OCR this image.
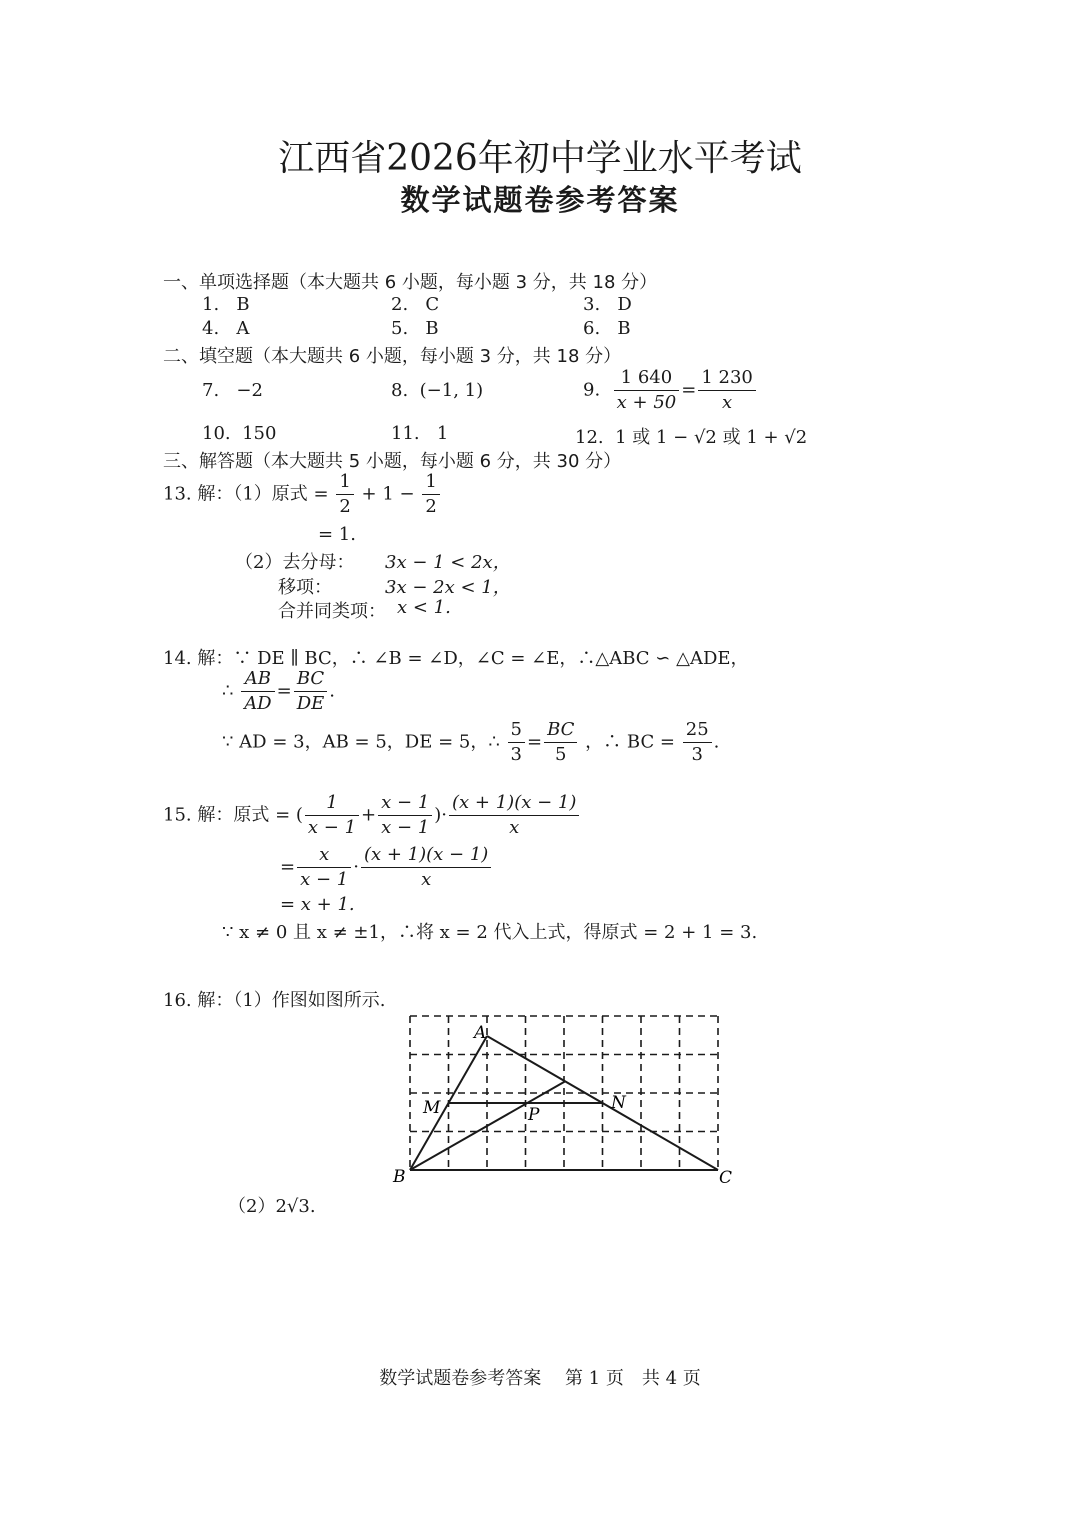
江西省2026年初中学业水平考试
数学试题卷参考答案
一、单项选择题（本大题共 6 小题，每小题 3 分，共 18 分）
1. B	2. C	3. D
4. A	5. B	6. B
二、填空题（本大题共 6 小题，每小题 3 分，共 18 分）
7. −2	8. (−1, 1)	9. $\frac{1 640}{x + 50} = \frac{1 230}{x}$
10. 150	11. 1	12. 1 或 1 − √2 或 1 + √2
三、解答题（本大题共 5 小题，每小题 6 分，共 30 分）
13. 解：（1）原式 = $\frac{1}{2} + 1 - \frac{1}{2}$
= 1.
（2）去分母： 3x − 1 < 2x，
移项：	3x − 2x < 1，
合并同类项： x < 1.
14. 解：∵ DE ∥ BC，∴ ∠B = ∠D，∠C = ∠E，∴△ABC ∽ △ADE，
∴ $\frac{AB}{AD} = \frac{BC}{DE}$ .
∵ AD = 3，AB = 5，DE = 5，∴ $\frac{5}{3} = \frac{BC}{5}$ ，∴ BC = $\frac{25}{3}$ .
15. 解：原式 = ( $\frac{1}{x - 1} + \frac{x - 1}{x - 1}$ )· $\frac{(x + 1)(x - 1)}{x}$
= $\frac{x}{x - 1} \cdot \frac{(x + 1)(x - 1)}{x}$
= x + 1.
∵ x ≠ 0 且 x ≠ ±1，∴将 x = 2 代入上式，得原式 = 2 + 1 = 3.
16. 解：（1）作图如图所示.
A
B	C
M	N
P
（2）2√3.
数学试题卷参考答案　 第 1 页　共 4 页
